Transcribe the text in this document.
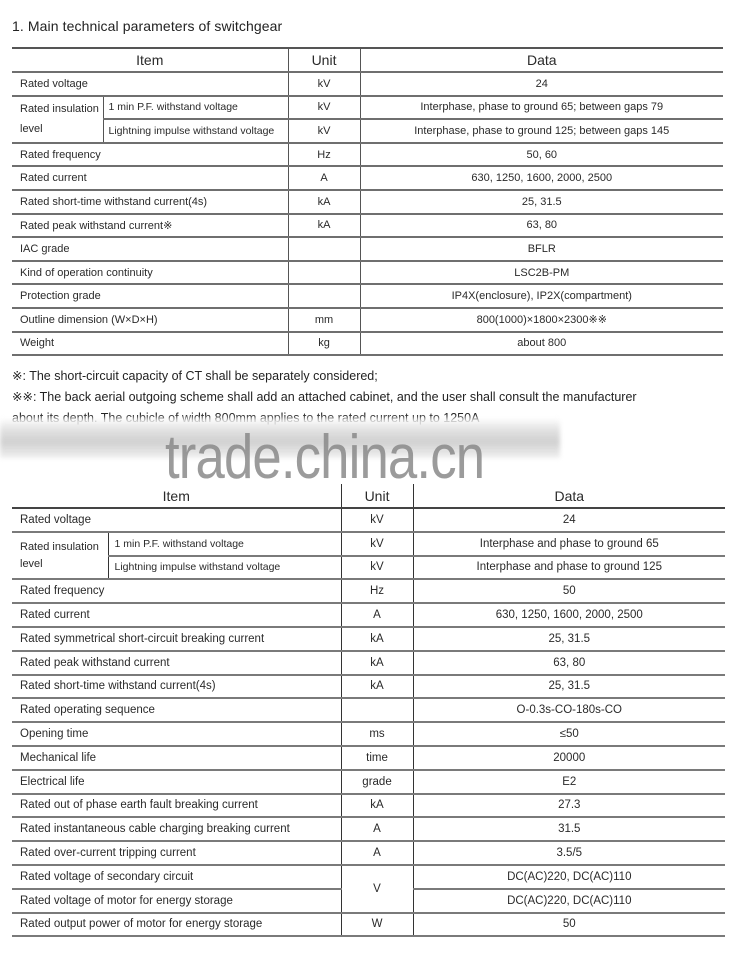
1. Main technical parameters of switchgear
Item		Unit	Data
Rated voltage		kV	24
Rated insulation level	1 min P.F. withstand voltage	kV	Interphase, phase to ground 65; between gaps 79
	Lightning impulse withstand voltage	kV	Interphase, phase to ground 125; between gaps 145
Rated frequency		Hz	50, 60
Rated current		A	630, 1250, 1600, 2000, 2500
Rated short-time withstand current(4s)		kA	25, 31.5
Rated peak withstand current※		kA	63, 80
IAC grade			BFLR
Kind of operation continuity			LSC2B-PM
Protection grade			IP4X(enclosure), IP2X(compartment)
Outline dimension (W×D×H)		mm	800(1000)×1800×2300※※
Weight		kg	about 800

※: The short-circuit capacity of CT shall be separately considered;

※※: The back aerial outgoing scheme shall add an attached cabinet, and the user shall consult the manufacturer

trade.china.cn
Item		Unit	Data
Rated voltage		kV	24
Rated insulation level	1 min P.F. withstand voltage	kV	Interphase and phase to ground 65
	Lightning impulse withstand voltage	kV	Interphase and phase to ground 125
Rated frequency		Hz	50
Rated current		A	630, 1250, 1600, 2000, 2500
Rated symmetrical short-circuit breaking current		kA	25, 31.5
Rated peak withstand current		kA	63, 80
Rated short-time withstand current(4s)		kA	25, 31.5
Rated operating sequence			O-0.3s-CO-180s-CO
Opening time		ms	≤50
Mechanical life		time	20000
Electrical life		grade	E2
Rated out of phase earth fault breaking current		kA	27.3
Rated instantaneous cable charging breaking current		A	31.5
Rated over-current tripping current		A	3.5/5
Rated voltage of secondary circuit		V	DC(AC)220, DC(AC)110
Rated voltage of motor for energy storage			DC(AC)220, DC(AC)110
Rated output power of motor for energy storage		W	50
